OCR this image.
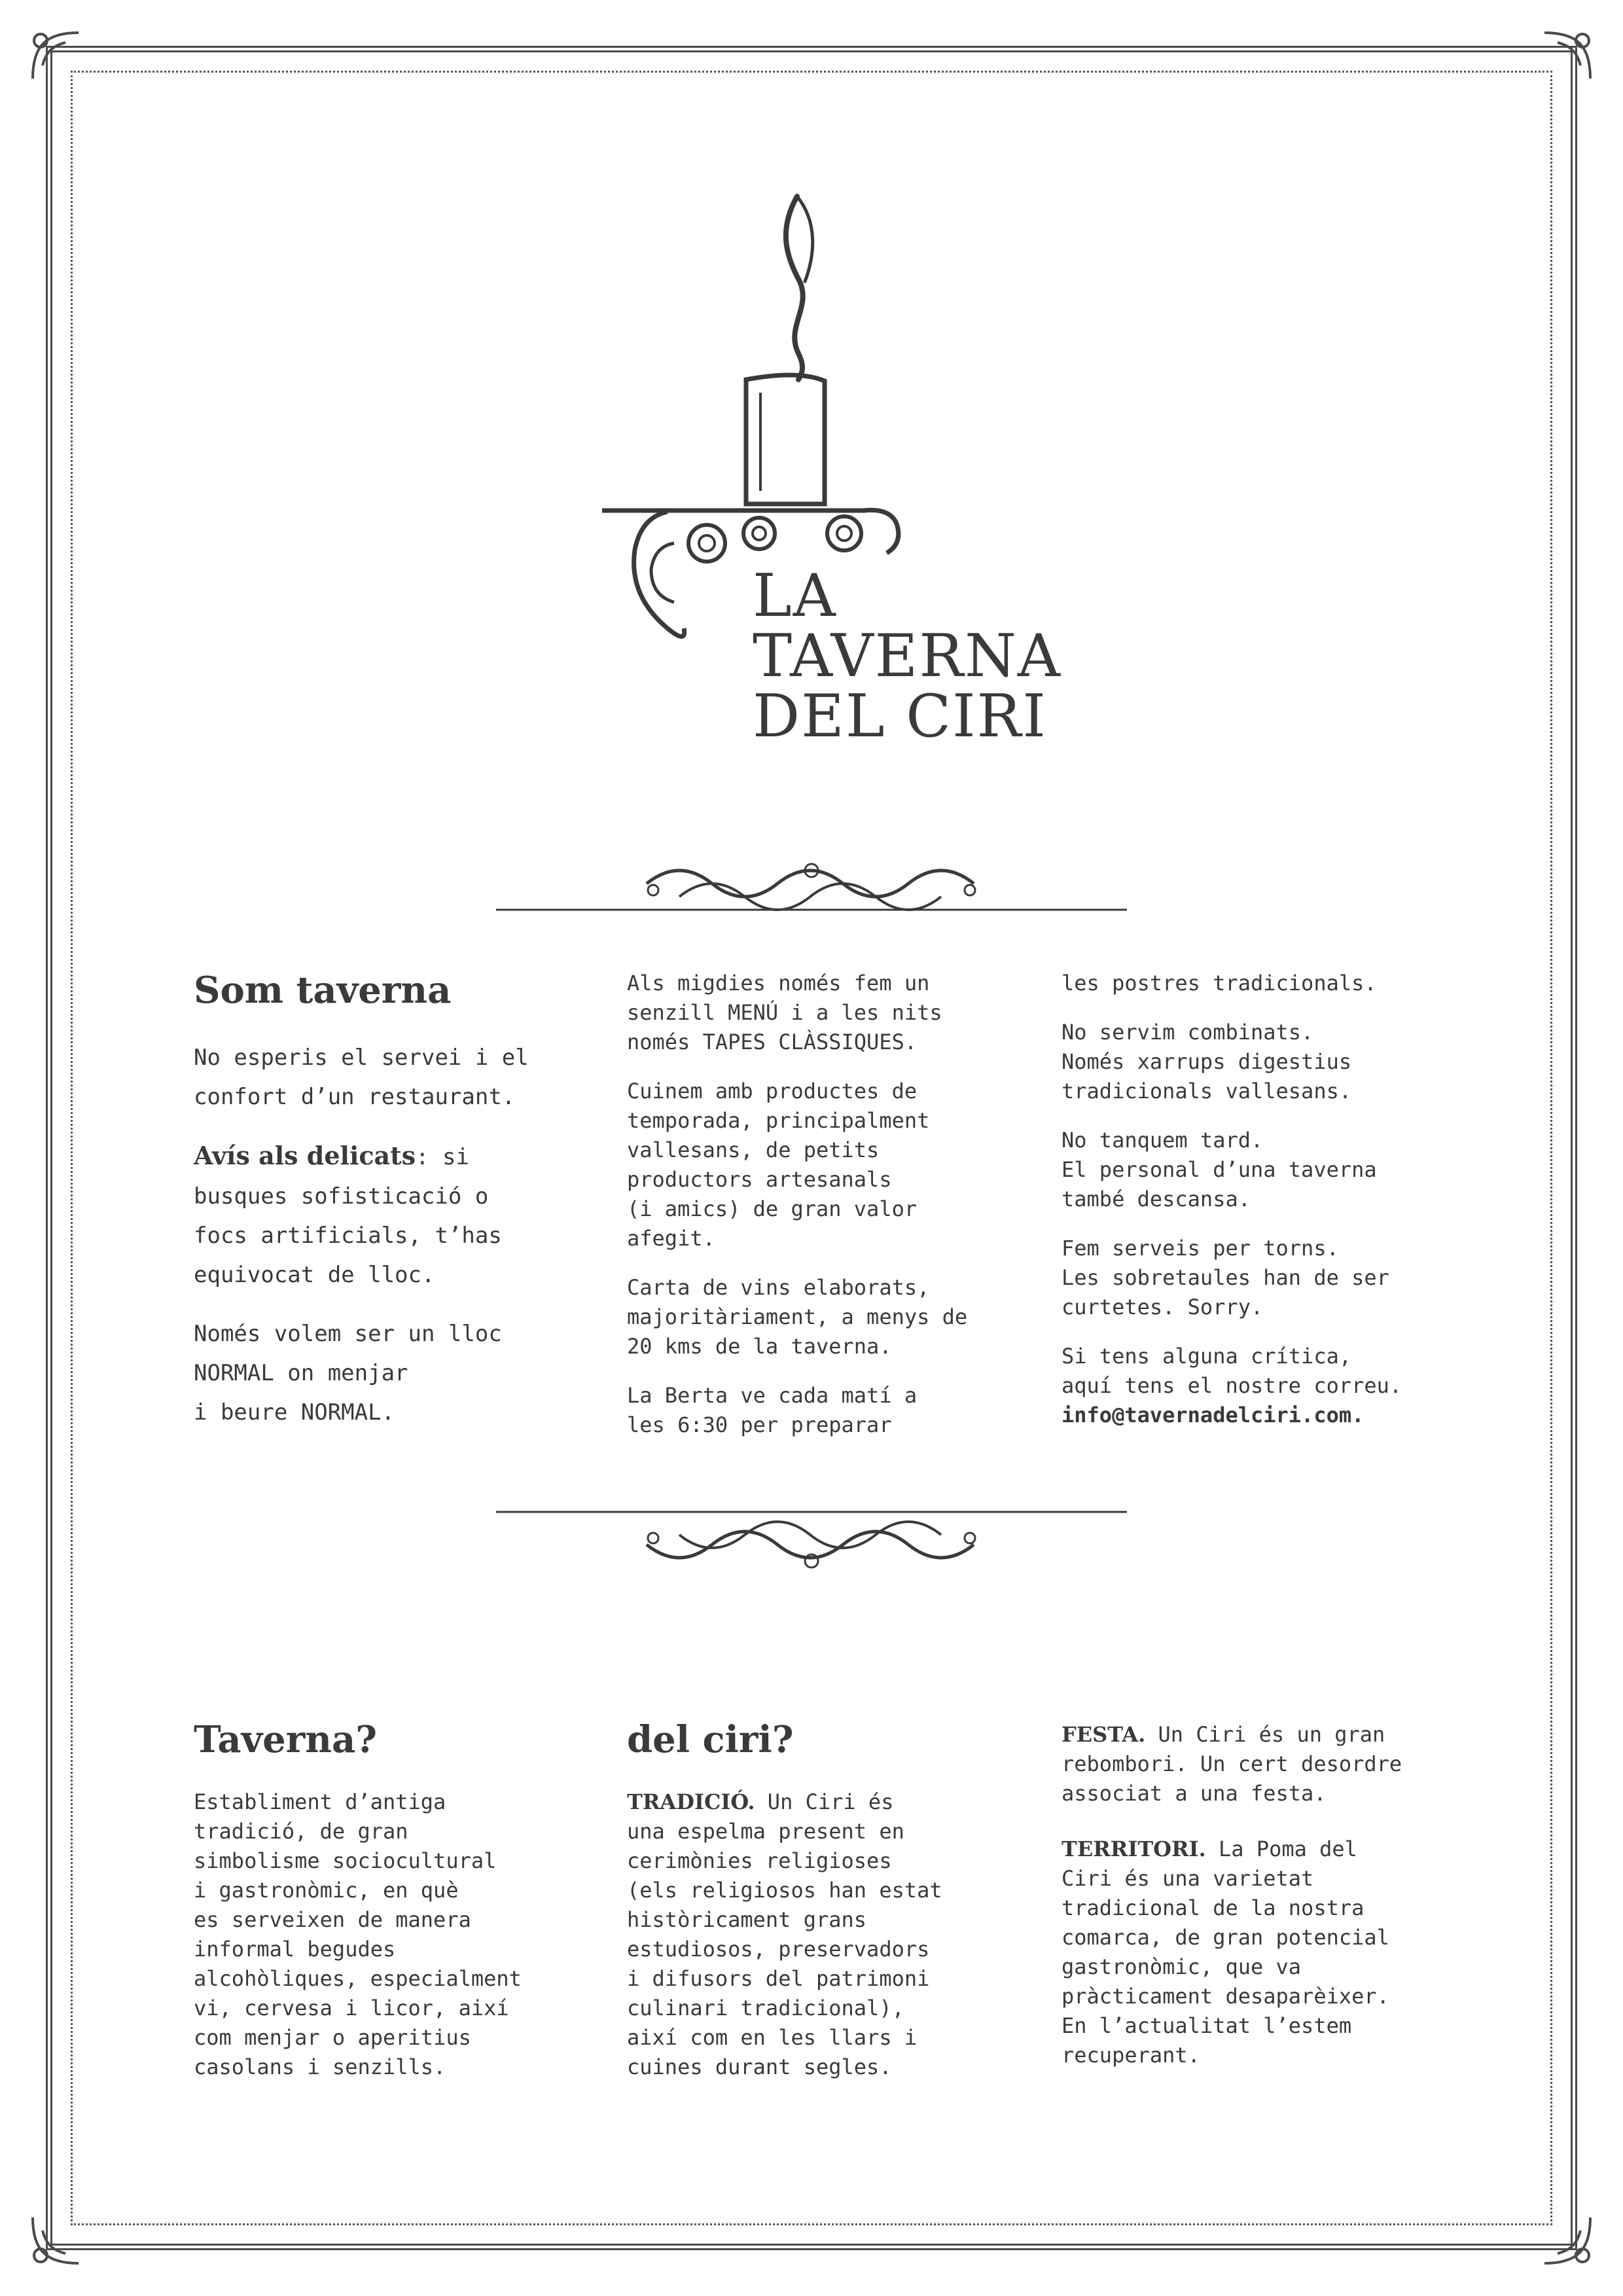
LA
TAVERNA
DEL CIRI
Som taverna

No esperis el servei i el
confort d’un restaurant.

Avís als delicats: si
busques sofisticació o
focs artificials, t’has
equivocat de lloc.

Només volem ser un lloc
NORMAL on menjar
i beure NORMAL.

Als migdies només fem un
senzill MENÚ i a les nits
només TAPES CLÀSSIQUES.

Cuinem amb productes de
temporada, principalment
vallesans, de petits
productors artesanals
(i amics) de gran valor
afegit.

Carta de vins elaborats,
majoritàriament, a menys de
20 kms de la taverna.

La Berta ve cada matí a
les 6:30 per preparar

les postres tradicionals.

No servim combinats.
Només xarrups digestius
tradicionals vallesans.

No tanquem tard.
El personal d’una taverna
també descansa.

Fem serveis per torns.
Les sobretaules han de ser
curtetes. Sorry.

Si tens alguna crítica,
aquí tens el nostre correu.
info@tavernadelciri.com.

Taverna?

Establiment d’antiga
tradició, de gran
simbolisme sociocultural
i gastronòmic, en què
es serveixen de manera
informal begudes
alcohòliques, especialment
vi, cervesa i licor, així
com menjar o aperitius
casolans i senzills.

del ciri?

TRADICIÓ. Un Ciri és
una espelma present en
cerimònies religioses
(els religiosos han estat
històricament grans
estudiosos, preservadors
i difusors del patrimoni
culinari tradicional),
així com en les llars i
cuines durant segles.

FESTA. Un Ciri és un gran
rebombori. Un cert desordre
associat a una festa.

TERRITORI. La Poma del
Ciri és una varietat
tradicional de la nostra
comarca, de gran potencial
gastronòmic, que va
pràcticament desaparèixer.
En l’actualitat l’estem
recuperant.
